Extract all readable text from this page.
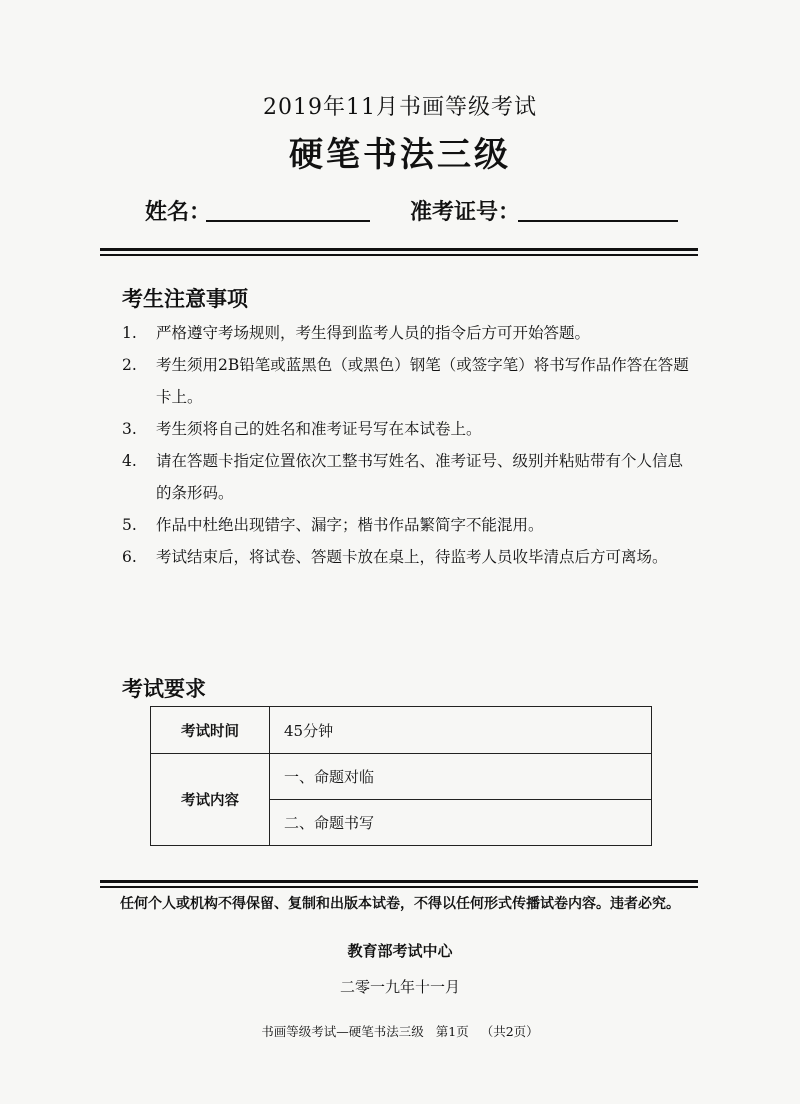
2019年11月书画等级考试
硬笔书法三级
姓名：	准考证号：
考生注意事项
1.	严格遵守考场规则，考生得到监考人员的指令后方可开始答题。
2.	考生须用2B铅笔或蓝黑色（或黑色）钢笔（或签字笔）将书写作品作答在答题卡上。
3.	考生须将自己的姓名和准考证号写在本试卷上。
4.	请在答题卡指定位置依次工整书写姓名、准考证号、级别并粘贴带有个人信息的条形码。
5.	作品中杜绝出现错字、漏字；楷书作品繁简字不能混用。
6.	考试结束后，将试卷、答题卡放在桌上，待监考人员收毕清点后方可离场。
考试要求
考试时间	45分钟
考试内容	一、命题对临
	二、命题书写
任何个人或机构不得保留、复制和出版本试卷，不得以任何形式传播试卷内容。违者必究。
教育部考试中心
二零一九年十一月
书画等级考试—硬笔书法三级 第1页 （共2页）
